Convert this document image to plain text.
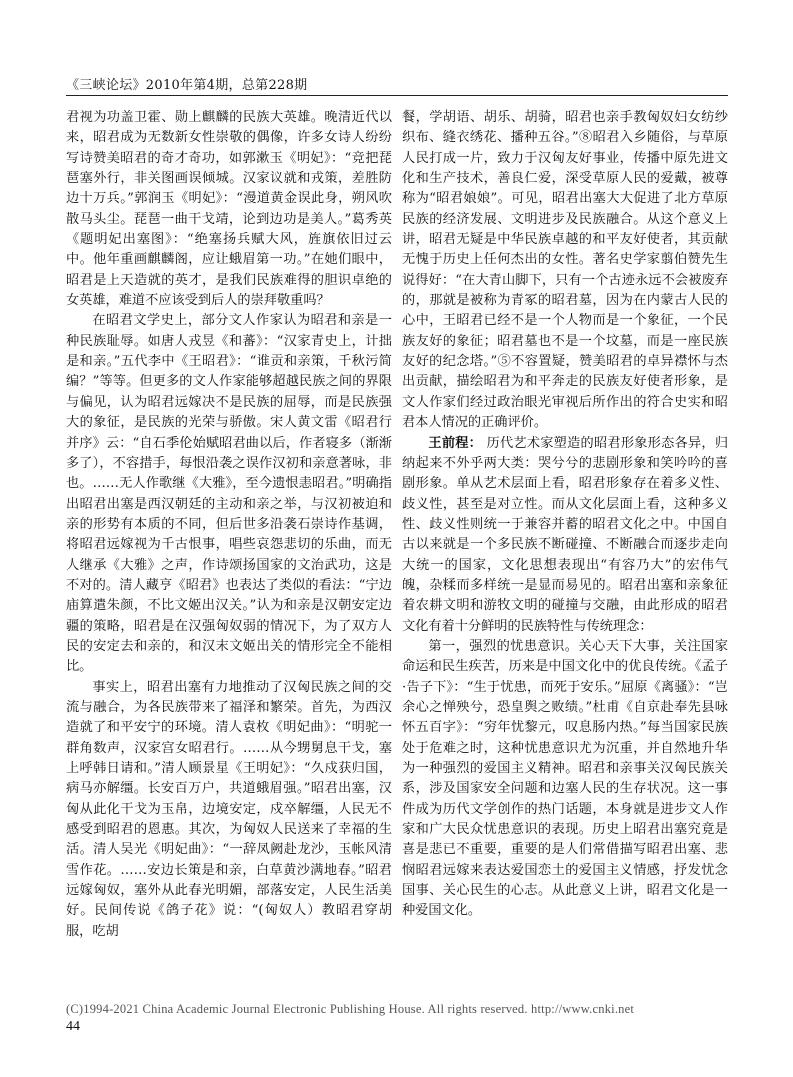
《三峡论坛》2010年第4期，总第228期

君视为功盖卫霍、勋上麒麟的民族大英雄。晚清近代以来，昭君成为无数新女性崇敬的偶像，许多女诗人纷纷写诗赞美昭君的奇才奇功，如郭漱玉《明妃》：“竞把琵琶塞外行，非关图画误倾城。汉家议就和戎策，差胜防边十万兵。”郭润玉《明妃》：“漫道黄金误此身，朔风吹散马头尘。琵琶一曲干戈靖，论到边功是美人。”葛秀英《题明妃出塞图》：“绝塞扬兵赋大风，旌旗依旧过云中。他年重画麒麟阁，应让蛾眉第一功。”在她们眼中，昭君是上天造就的英才，是我们民族难得的胆识卓绝的女英雄，难道不应该受到后人的崇拜敬重吗？

在昭君文学史上，部分文人作家认为昭君和亲是一种民族耻辱。如唐人戎昱《和蕃》：“汉家青史上，计拙是和亲。”五代李中《王昭君》：“谁贡和亲策，千秋污简编？”等等。但更多的文人作家能够超越民族之间的界限与偏见，认为昭君远嫁决不是民族的屈辱，而是民族强大的象征，是民族的光荣与骄傲。宋人黄文雷《昭君行并序》云：“自石季伦始赋昭君曲以后，作者寝多（渐渐多了），不容措手，每恨沿袭之误作汉初和亲意著咏，非也。……无人作歌继《大雅》，至今遗恨恚昭君。”明确指出昭君出塞是西汉朝廷的主动和亲之举，与汉初被迫和亲的形势有本质的不同，但后世多沿袭石崇诗作基调，将昭君远嫁视为千古恨事，唱些哀怨悲切的乐曲，而无人继承《大雅》之声，作诗颂扬国家的文治武功，这是不对的。清人藏亨《昭君》也表达了类似的看法：“宁边庙算遣朱颜，不比文姬出汉关。”认为和亲是汉朝安定边疆的策略，昭君是在汉强匈奴弱的情况下，为了双方人民的安定去和亲的，和汉末文姬出关的情形完全不能相比。

事实上，昭君出塞有力地推动了汉匈民族之间的交流与融合，为各民族带来了福泽和繁荣。首先，为西汉造就了和平安宁的环境。清人袁枚《明妃曲》：“明驼一群角数声，汉家宫女昭君行。……从今甥舅息干戈，塞上呼韩日请和。”清人顾景星《王明妃》：“久戍获归国，病马亦解缰。长安百万户，共道蛾眉强。”昭君出塞，汉匈从此化干戈为玉帛，边境安定，戍卒解缰，人民无不感受到昭君的恩惠。其次，为匈奴人民送来了幸福的生活。清人吴光《明妃曲》：“一辞凤阙赴龙沙，玉帐风清雪作花。……安边长策是和亲，白草黄沙满地春。”昭君远嫁匈奴，塞外从此春光明媚，部落安定，人民生活美好。民间传说《鸽子花》说：“(匈奴人）教昭君穿胡服，吃胡

餐，学胡语、胡乐、胡骑，昭君也亲手教匈奴妇女纺纱织布、缝衣绣花、播种五谷。”⑧昭君入乡随俗，与草原人民打成一片，致力于汉匈友好事业，传播中原先进文化和生产技术，善良仁爱，深受草原人民的爱戴，被尊称为“昭君娘娘”。可见，昭君出塞大大促进了北方草原民族的经济发展、文明进步及民族融合。从这个意义上讲，昭君无疑是中华民族卓越的和平友好使者，其贡献无愧于历史上任何杰出的女性。著名史学家翦伯赞先生说得好：“在大青山脚下，只有一个古迹永远不会被废弃的，那就是被称为青冢的昭君墓，因为在内蒙古人民的心中，王昭君已经不是一个人物而是一个象征，一个民族友好的象征；昭君墓也不是一个坟墓，而是一座民族友好的纪念塔。”⑤不容置疑，赞美昭君的卓异襟怀与杰出贡献，描绘昭君为和平奔走的民族友好使者形象，是文人作家们经过政治眼光审视后所作出的符合史实和昭君本人情况的正确评价。

王前程： 历代艺术家塑造的昭君形象形态各异，归纳起来不外乎两大类：哭兮兮的悲剧形象和笑吟吟的喜剧形象。单从艺术层面上看，昭君形象存在着多义性、歧义性，甚至是对立性。而从文化层面上看，这种多义性、歧义性则统一于兼容并蓄的昭君文化之中。中国自古以来就是一个多民族不断碰撞、不断融合而逐步走向大统一的国家，文化思想表现出“有容乃大”的宏伟气魄，杂糅而多样统一是显而易见的。昭君出塞和亲象征着农耕文明和游牧文明的碰撞与交融，由此形成的昭君文化有着十分鲜明的民族特性与传统理念：

第一，强烈的忧患意识。关心天下大事，关注国家命运和民生疾苦，历来是中国文化中的优良传统。《孟子·告子下》：“生于忧患，而死于安乐。”屈原《离骚》：“岂余心之惮殃兮，恐皇舆之败绩。”杜甫《自京赴奉先县咏怀五百字》：“穷年忧黎元，叹息肠内热。”每当国家民族处于危难之时，这种忧患意识尤为沉重，并自然地升华为一种强烈的爱国主义精神。昭君和亲事关汉匈民族关系，涉及国家安全问题和边塞人民的生存状况。这一事件成为历代文学创作的热门话题，本身就是进步文人作家和广大民众忧患意识的表现。历史上昭君出塞究竟是喜是悲已不重要，重要的是人们常借描写昭君出塞、悲悯昭君远嫁来表达爱国恋土的爱国主义情感，抒发忧念国事、关心民生的心志。从此意义上讲，昭君文化是一种爱国文化。

(C)1994-2021 China Academic Journal Electronic Publishing House. All rights reserved. http://www.cnki.net
44
